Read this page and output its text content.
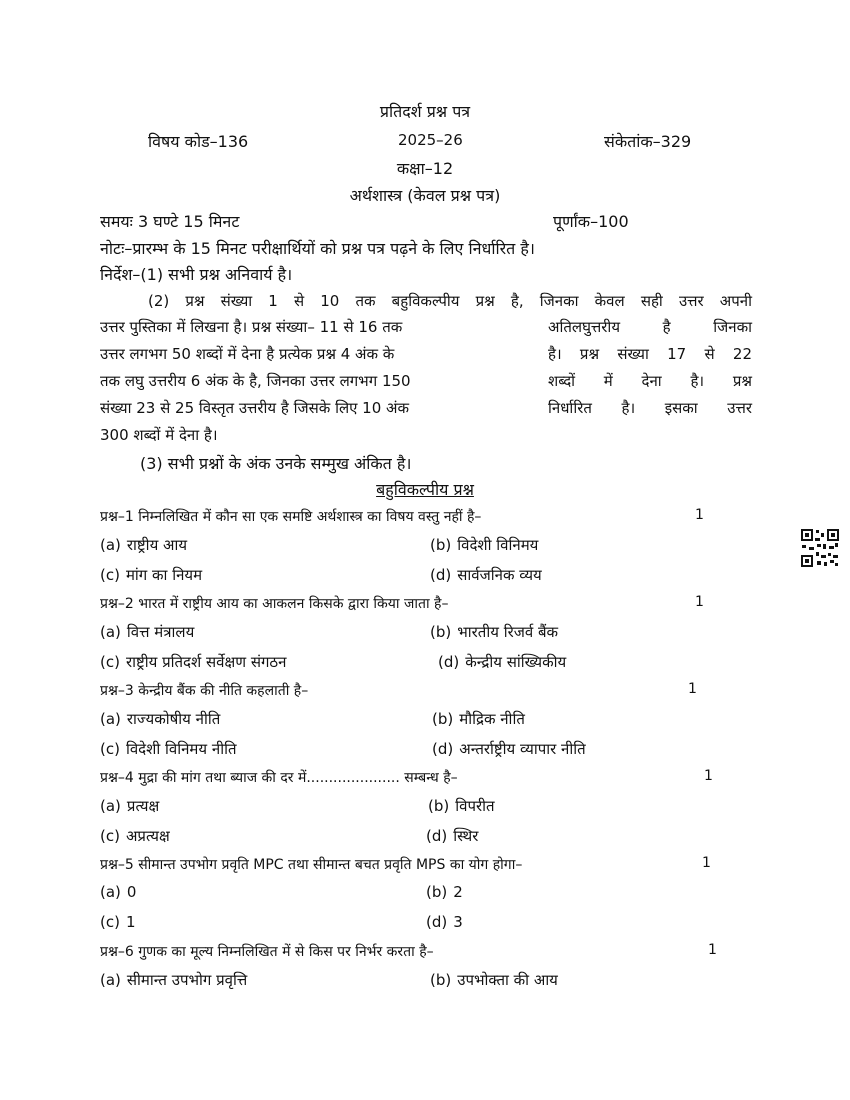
प्रतिदर्श प्रश्न पत्र
विषय कोड–136	2025–26	संकेतांक–329
कक्षा–12
अर्थशास्त्र (केवल प्रश्न पत्र)
समयः 3 घण्टे 15 मिनट	पूर्णांक–100
नोटः–प्रारम्भ के 15 मिनट परीक्षार्थियों को प्रश्न पत्र पढ़ने के लिए निर्धारित है।
निर्देश–(1) सभी प्रश्न अनिवार्य है।
(2) प्रश्न संख्या 1 से 10 तक बहुविकल्पीय प्रश्न है, जिनका केवल सही उत्तर अपनी
उत्तर पुस्तिका में लिखना है। प्रश्न संख्या– 11 से 16 तक
उत्तर लगभग 50 शब्दों में देना है प्रत्येक प्रश्न 4 अंक के
तक लघु उत्तरीय 6 अंक के है, जिनका उत्तर लगभग 150
संख्या 23 से 25 विस्तृत उत्तरीय है जिसके लिए 10 अंक
300 शब्दों में देना है।
अतिलघुत्तरीय है जिनका
है। प्रश्न संख्या 17 से 22
शब्दों में देना है। प्रश्न
निर्धारित है। इसका उत्तर
(3) सभी प्रश्नों के अंक उनके सम्मुख अंकित है।
बहुविकल्पीय प्रश्न
प्रश्न–1 निम्नलिखित में कौन सा एक समष्टि अर्थशास्त्र का विषय वस्तु नहीं है–	1
(a) राष्ट्रीय आय	(b) विदेशी विनिमय
(c) मांग का नियम	(d) सार्वजनिक व्यय
प्रश्न–2 भारत में राष्ट्रीय आय का आकलन किसके द्वारा किया जाता है–	1
(a) वित्त मंत्रालय	(b) भारतीय रिजर्व बैंक
(c) राष्ट्रीय प्रतिदर्श सर्वेक्षण संगठन	(d) केन्द्रीय सांख्यिकीय
प्रश्न–3 केन्द्रीय बैंक की नीति कहलाती है–	1
(a) राज्यकोषीय नीति	(b) मौद्रिक नीति
(c) विदेशी विनिमय नीति	(d) अन्तर्राष्ट्रीय व्यापार नीति
प्रश्न–4 मुद्रा की मांग तथा ब्याज की दर में..................... सम्बन्ध है–	1
(a) प्रत्यक्ष	(b) विपरीत
(c) अप्रत्यक्ष	(d) स्थिर
प्रश्न–5 सीमान्त उपभोग प्रवृति MPC तथा सीमान्त बचत प्रवृति MPS का योग होगा–	1
(a) 0	(b) 2
(c) 1	(d) 3
प्रश्न–6 गुणक का मूल्य निम्नलिखित में से किस पर निर्भर करता है–	1
(a) सीमान्त उपभोग प्रवृत्ति	(b) उपभोक्ता की आय
